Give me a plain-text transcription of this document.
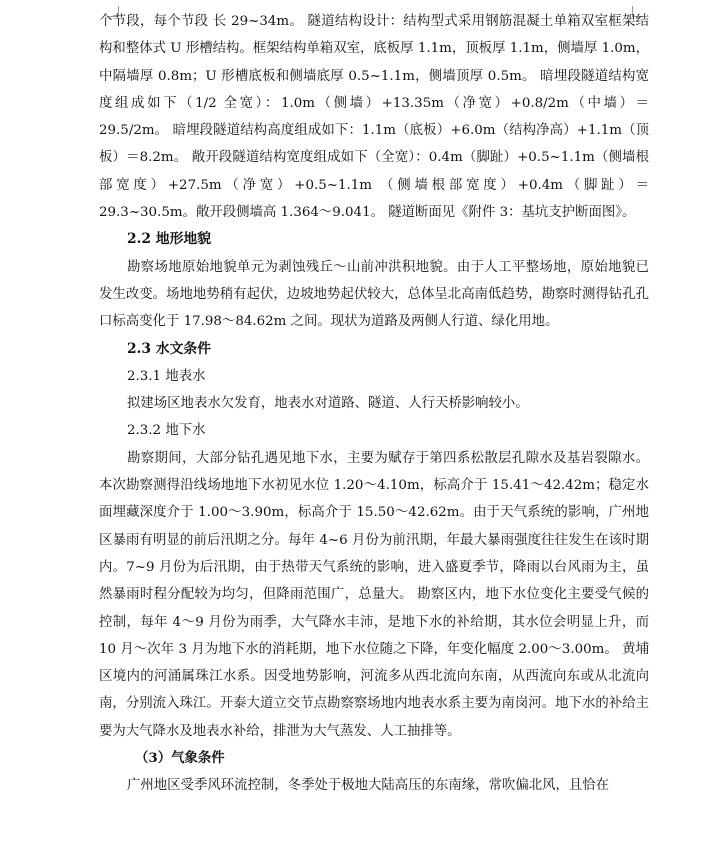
个节段，每个节段 长 29~34m。 隧道结构设计：结构型式采用钢筋混凝土单箱双室框架结构和整体式 U 形槽结构。框架结构单箱双室，底板厚 1.1m，顶板厚 1.1m，侧墙厚 1.0m，中隔墙厚 0.8m；U 形槽底板和侧墙底厚 0.5~1.1m，侧墙顶厚 0.5m。 暗埋段隧道结构宽度组成如下（1/2 全宽）：1.0m（侧墙）+13.35m（净宽）+0.8/2m（中墙）＝29.5/2m。 暗埋段隧道结构高度组成如下：1.1m（底板）+6.0m（结构净高）+1.1m（顶板）＝8.2m。 敞开段隧道结构宽度组成如下（全宽）：0.4m（脚趾）+0.5~1.1m（侧墙根部宽度）+27.5m（净宽）+0.5~1.1m （侧墙根部宽度）+0.4m（脚趾）＝29.3~30.5m。敞开段侧墙高 1.364～9.041。 隧道断面见《附件 3：基坑支护断面图》。

2.2 地形地貌

勘察场地原始地貌单元为剥蚀残丘～山前冲洪积地貌。由于人工平整场地，原始地貌已发生改变。场地地势稍有起伏，边坡地势起伏较大，总体呈北高南低趋势，勘察时测得钻孔孔口标高变化于 17.98～84.62m 之间。现状为道路及两侧人行道、绿化用地。

2.3 水文条件

2.3.1 地表水

拟建场区地表水欠发育，地表水对道路、隧道、人行天桥影响较小。

2.3.2 地下水

勘察期间，大部分钻孔遇见地下水，主要为赋存于第四系松散层孔隙水及基岩裂隙水。 本次勘察测得沿线场地地下水初见水位 1.20～4.10m，标高介于 15.41～42.42m；稳定水面埋藏深度介于 1.00～3.90m，标高介于 15.50～42.62m。由于天气系统的影响，广州地区暴雨有明显的前后汛期之分。每年 4~6 月份为前汛期，年最大暴雨强度往往发生在该时期内。7~9 月份为后汛期，由于热带天气系统的影响，进入盛夏季节，降雨以台风雨为主，虽然暴雨时程分配较为均匀，但降雨范围广，总量大。 勘察区内，地下水位变化主要受气候的控制，每年 4～9 月份为雨季，大气降水丰沛，是地下水的补给期，其水位会明显上升，而 10 月～次年 3 月为地下水的消耗期，地下水位随之下降，年变化幅度 2.00～3.00m。 黄埔区境内的河涌属珠江水系。因受地势影响，河流多从西北流向东南，从西流向东或从北流向南，分别流入珠江。开泰大道立交节点勘察察场地内地表水系主要为南岗河。地下水的补给主要为大气降水及地表水补给，排泄为大气蒸发、人工抽排等。

（3）气象条件

广州地区受季风环流控制，冬季处于极地大陆高压的东南缘，常吹偏北风，且恰在
